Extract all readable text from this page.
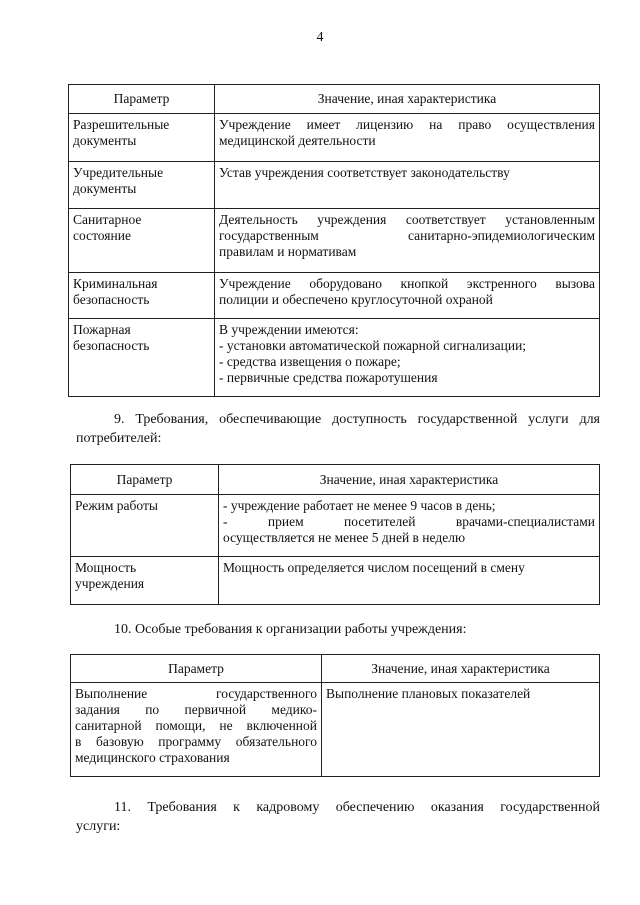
4
Параметр	Значение, иная характеристика

Разрешительные
документы	Учреждение имеет лицензию на право осуществления
медицинской деятельности

Учредительные
документы	Устав учреждения соответствует законодательству

Санитарное
состояние	Деятельность учреждения соответствует установленным
государственным санитарно-эпидемиологическим
правилам и нормативам

Криминальная
безопасность	Учреждение оборудовано кнопкой экстренного вызова
полиции и обеспечено круглосуточной охраной

Пожарная
безопасность	В учреждении имеются:
- установки автоматической пожарной сигнализации;
- средства извещения о пожаре;
- первичные средства пожаротушения
9. Требования, обеспечивающие доступность государственной услуги для
потребителей:
Параметр	Значение, иная характеристика

Режим работы	- учреждение работает не менее 9 часов в день;
- прием посетителей врачами-специалистами
осуществляется не менее 5 дней в неделю

Мощность
учреждения	Мощность определяется числом посещений в смену
10. Особые требования к организации работы учреждения:
Параметр	Значение, иная характеристика

Выполнение государственного
задания по первичной медико-
санитарной помощи, не включенной
в базовую программу обязательного
медицинского страхования	Выполнение плановых показателей
11. Требования к кадровому обеспечению оказания государственной
услуги:
